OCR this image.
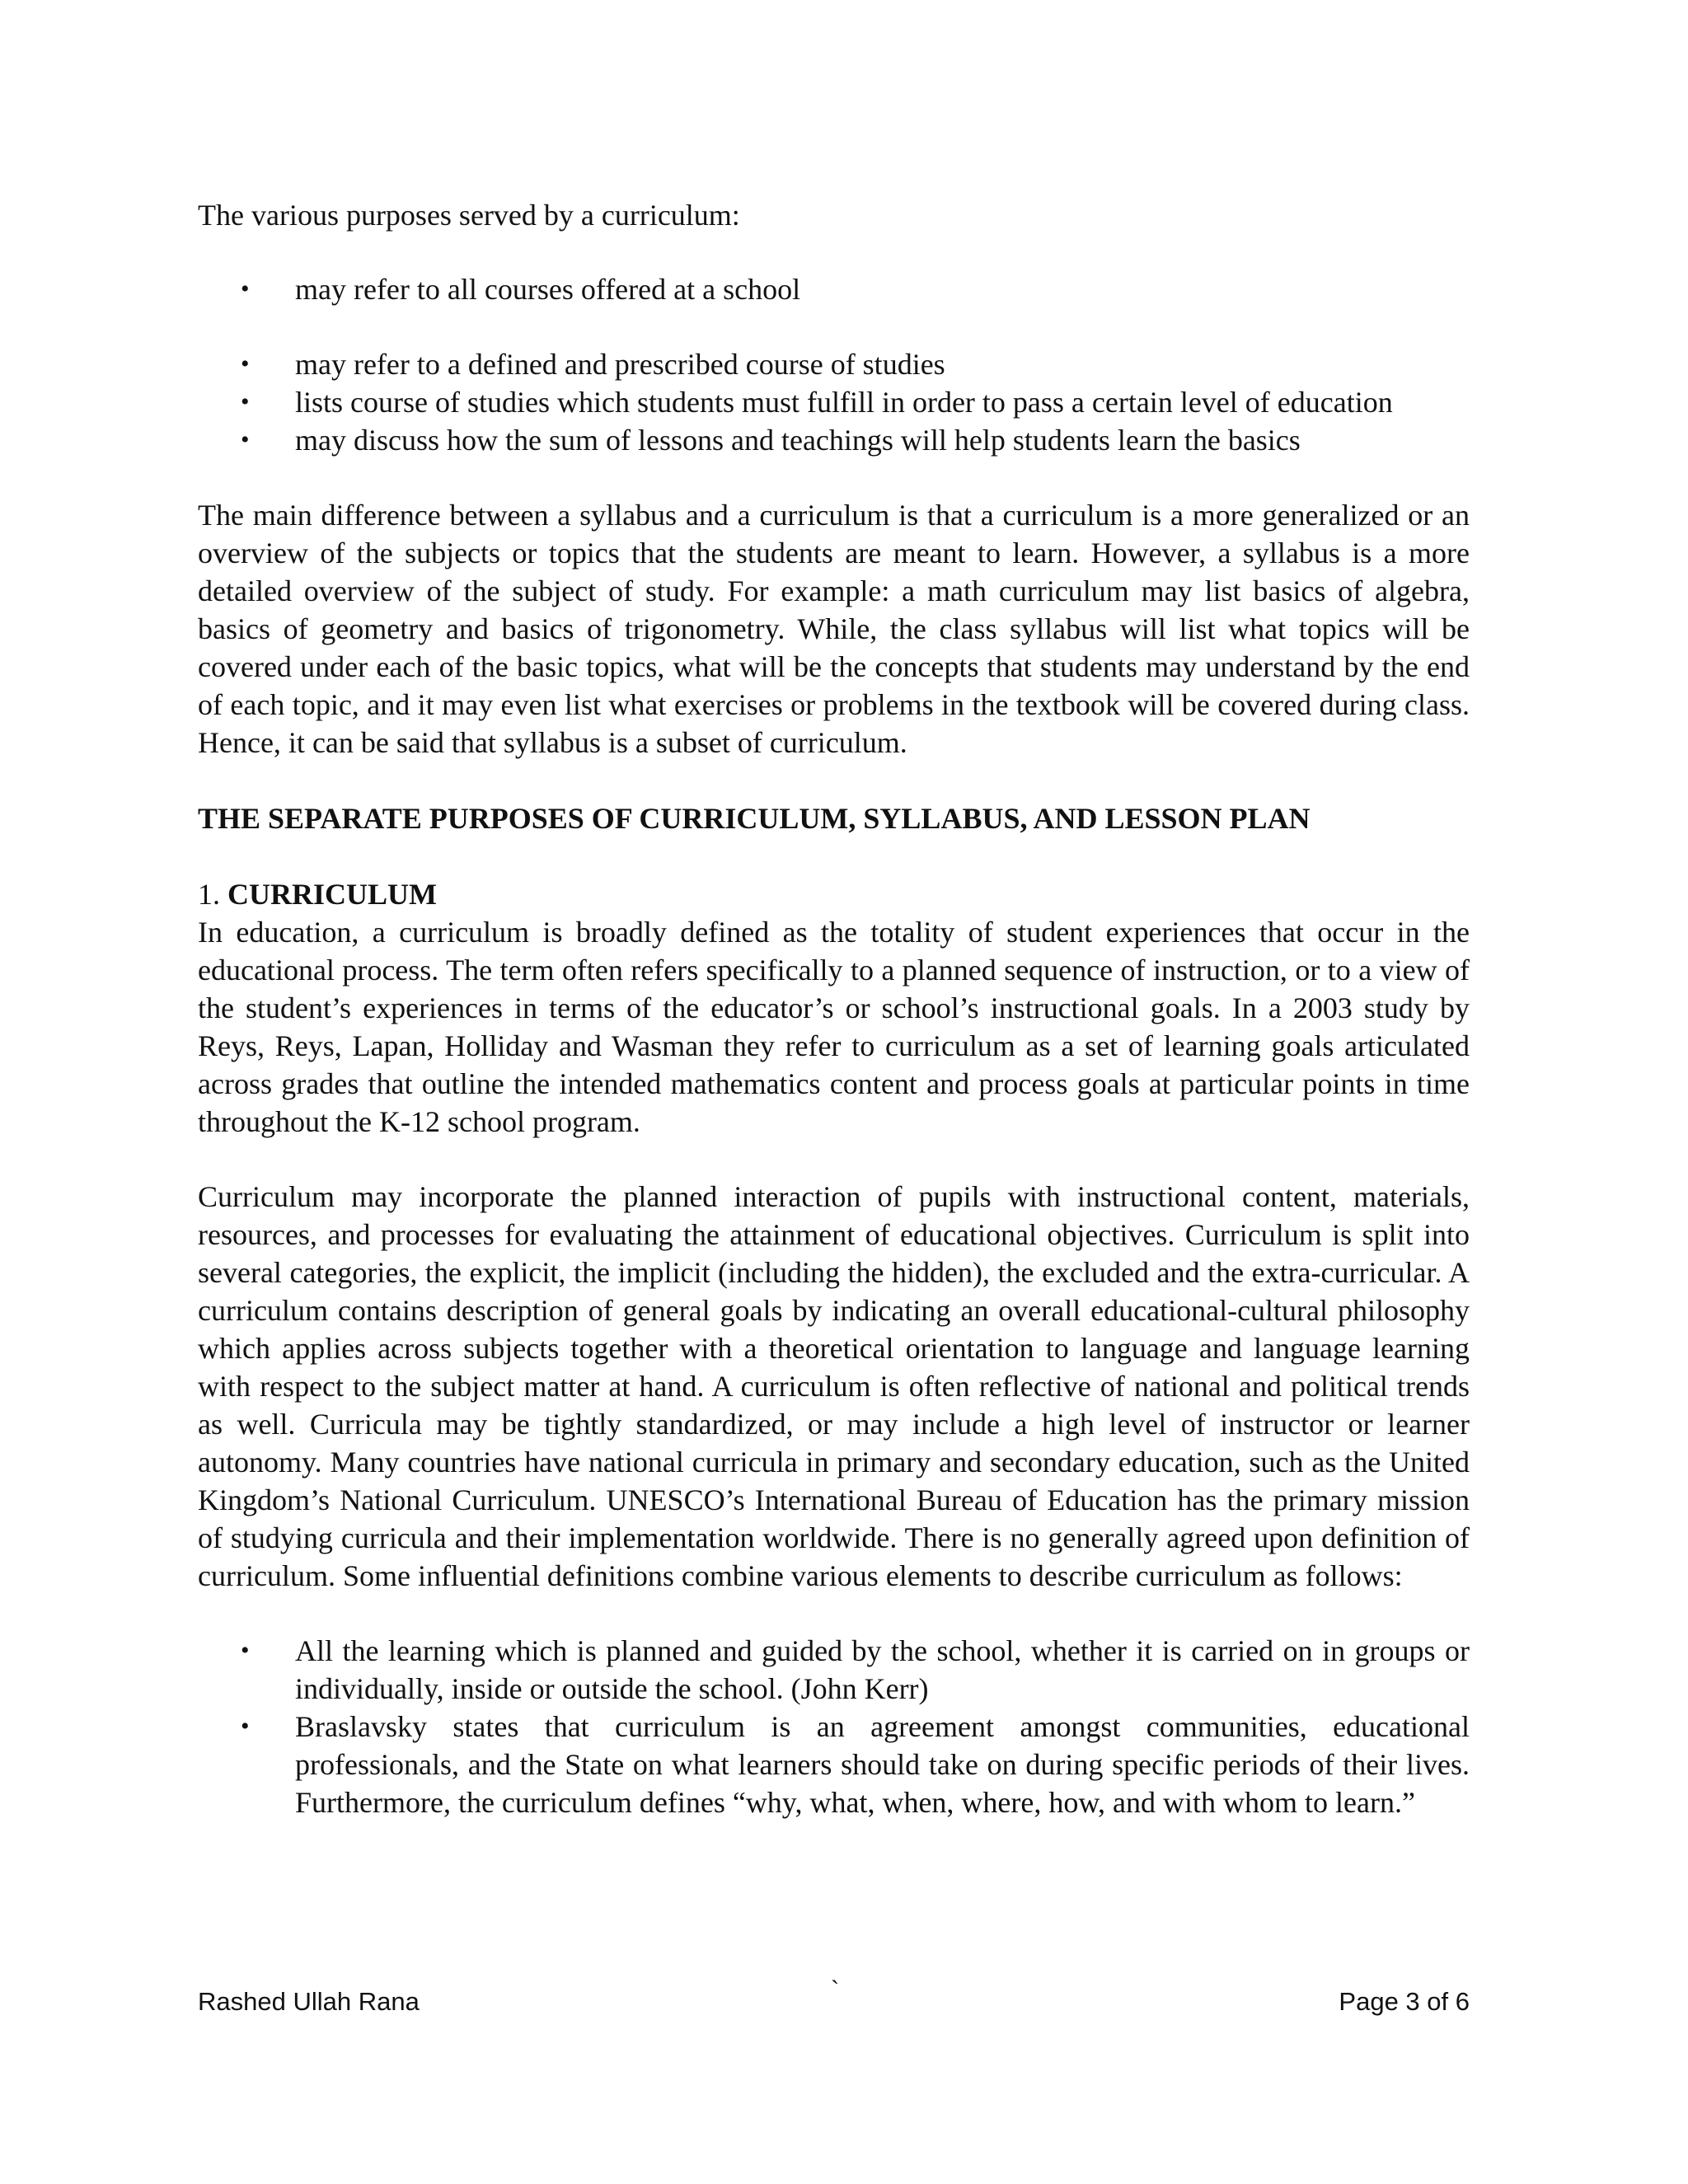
The various purposes served by a curriculum:

• may refer to all courses offered at a school
• may refer to a defined and prescribed course of studies
• lists course of studies which students must fulfill in order to pass a certain level of education
• may discuss how the sum of lessons and teachings will help students learn the basics

The main difference between a syllabus and a curriculum is that a curriculum is a more generalized or an overview of the subjects or topics that the students are meant to learn. However, a syllabus is a more detailed overview of the subject of study. For example: a math curriculum may list basics of algebra, basics of geometry and basics of trigonometry. While, the class syllabus will list what topics will be covered under each of the basic topics, what will be the concepts that students may understand by the end of each topic, and it may even list what exercises or problems in the textbook will be covered during class. Hence, it can be said that syllabus is a subset of curriculum.

THE SEPARATE PURPOSES OF CURRICULUM, SYLLABUS, AND LESSON PLAN

1. CURRICULUM

In education, a curriculum is broadly defined as the totality of student experiences that occur in the educational process. The term often refers specifically to a planned sequence of instruction, or to a view of the student’s experiences in terms of the educator’s or school’s instructional goals. In a 2003 study by Reys, Reys, Lapan, Holliday and Wasman they refer to curriculum as a set of learning goals articulated across grades that outline the intended mathematics content and process goals at particular points in time throughout the K-12 school program.

Curriculum may incorporate the planned interaction of pupils with instructional content, materials, resources, and processes for evaluating the attainment of educational objectives. Curriculum is split into several categories, the explicit, the implicit (including the hidden), the excluded and the extra-curricular. A curriculum contains description of general goals by indicating an overall educational-cultural philosophy which applies across subjects together with a theoretical orientation to language and language learning with respect to the subject matter at hand. A curriculum is often reflective of national and political trends as well. Curricula may be tightly standardized, or may include a high level of instructor or learner autonomy. Many countries have national curricula in primary and secondary education, such as the United Kingdom’s National Curriculum. UNESCO’s International Bureau of Education has the primary mission of studying curricula and their implementation worldwide. There is no generally agreed upon definition of curriculum. Some influential definitions combine various elements to describe curriculum as follows:

• All the learning which is planned and guided by the school, whether it is carried on in groups or individually, inside or outside the school. (John Kerr)
• Braslavsky states that curriculum is an agreement amongst communities, educational professionals, and the State on what learners should take on during specific periods of their lives. Furthermore, the curriculum defines “why, what, when, where, how, and with whom to learn.”
Rashed Ullah Rana	`	Page 3 of 6
